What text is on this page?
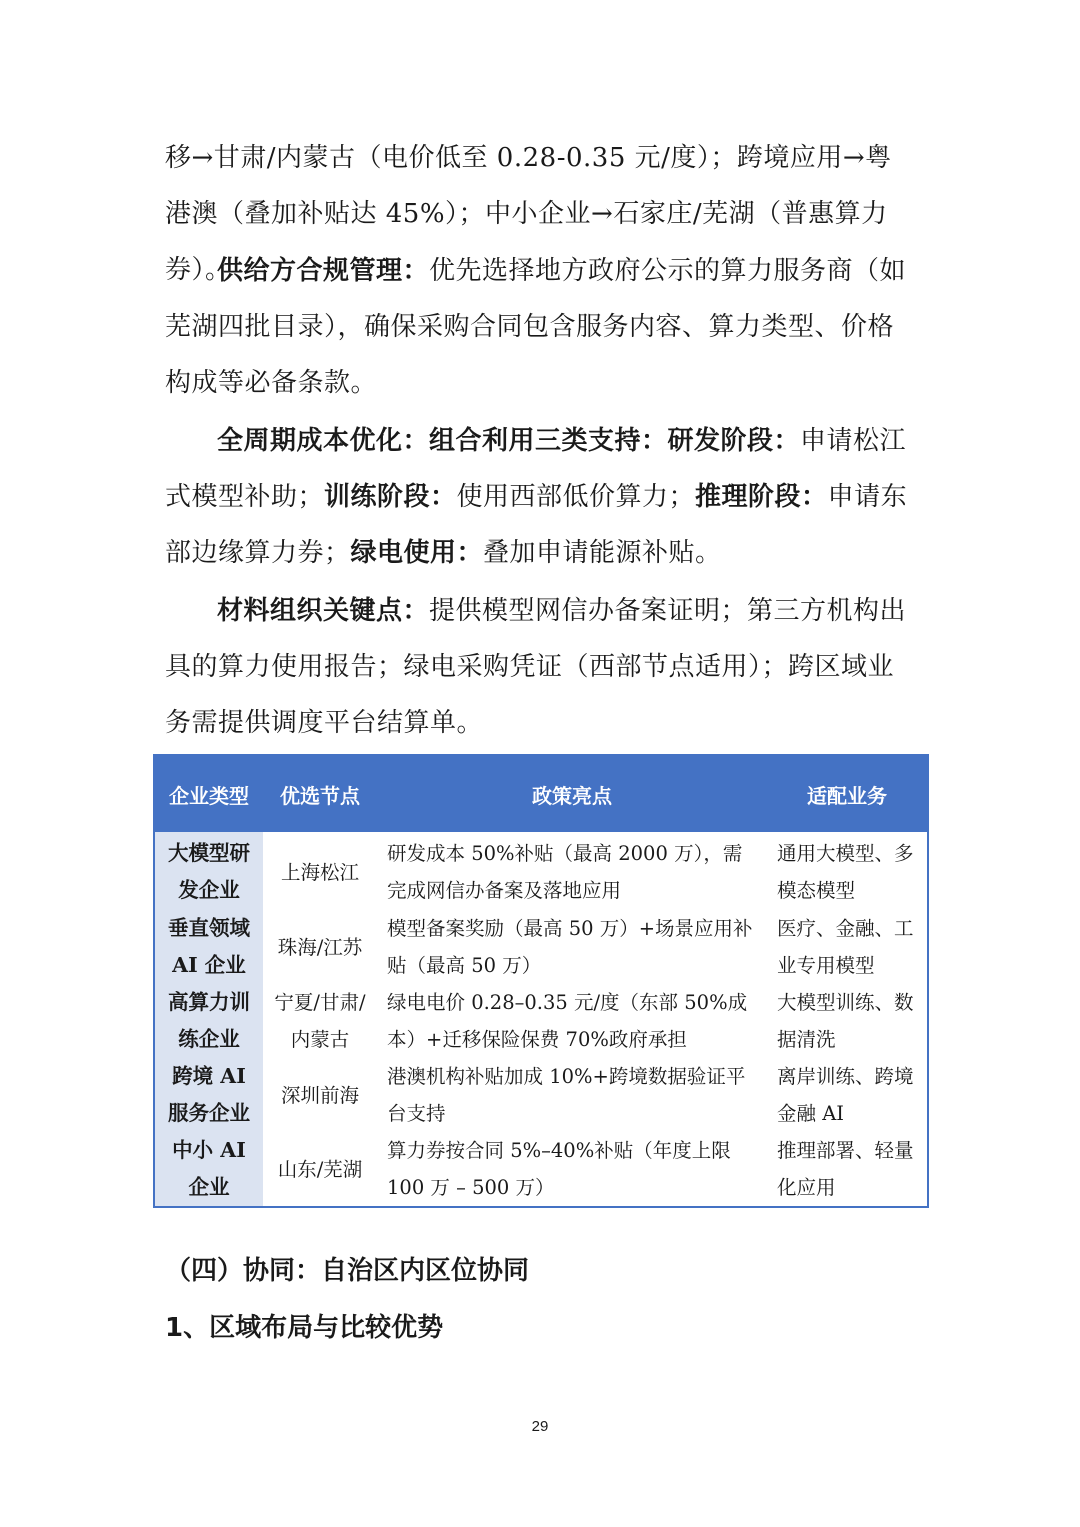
移→甘肃/内蒙古（电价低至 0.28-0.35 元/度）；跨境应用→粤港澳（叠加补贴达 45%）；中小企业→石家庄/芜湖（普惠算力券）。

供给方合规管理：优先选择地方政府公示的算力服务商（如芜湖四批目录），确保采购合同包含服务内容、算力类型、价格构成等必备条款。

全周期成本优化：组合利用三类支持：研发阶段：申请松江式模型补助；训练阶段：使用西部低价算力；推理阶段：申请东部边缘算力券；绿电使用：叠加申请能源补贴。

材料组织关键点：提供模型网信办备案证明；第三方机构出具的算力使用报告；绿电采购凭证（西部节点适用）；跨区域业务需提供调度平台结算单。

企业类型	优选节点	政策亮点	适配业务
大模型研发企业	上海松江	研发成本 50%补贴（最高 2000 万），需完成网信办备案及落地应用	通用大模型、多模态模型
垂直领域 AI 企业	珠海/江苏	模型备案奖励（最高 50 万）+场景应用补贴（最高 50 万）	医疗、金融、工业专用模型
高算力训练企业	宁夏/甘肃/内蒙古	绿电电价 0.28–0.35 元/度（东部 50%成本）+迁移保险保费 70%政府承担	大模型训练、数据清洗
跨境 AI 服务企业	深圳前海	港澳机构补贴加成 10%+跨境数据验证平台支持	离岸训练、跨境金融 AI
中小 AI 企业	山东/芜湖	算力券按合同 5%–40%补贴（年度上限 100 万 – 500 万）	推理部署、轻量化应用
（四）协同：自治区内区位协同
1、区域布局与比较优势
29
